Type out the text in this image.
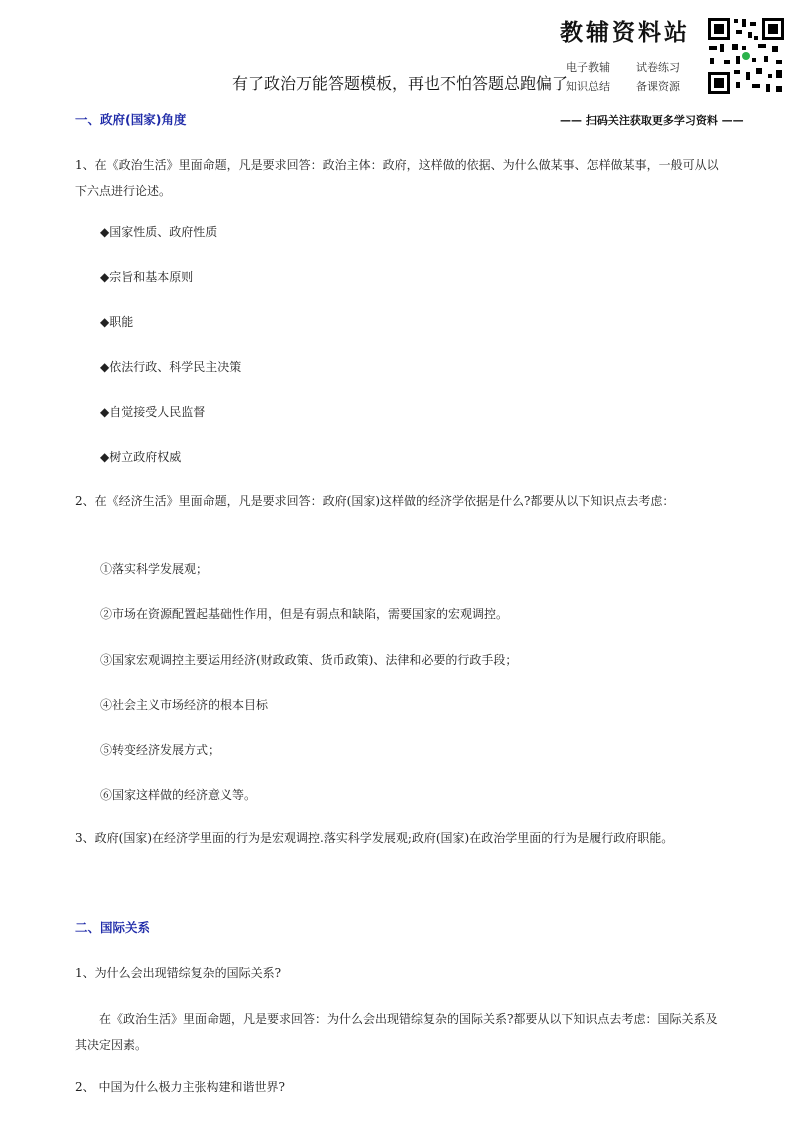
教辅资料站
电子教辅 试卷练习
知识总结 备课资源
有了政治万能答题模板，再也不怕答题总跑偏了
—— 扫码关注获取更多学习资料 ——
一、政府(国家)角度
1、在《政治生活》里面命题，凡是要求回答：政治主体：政府，这样做的依据、为什么做某事、怎样做某事，一般可从以下六点进行论述。
◆国家性质、政府性质
◆宗旨和基本原则
◆职能
◆依法行政、科学民主决策
◆自觉接受人民监督
◆树立政府权威
2、在《经济生活》里面命题，凡是要求回答：政府(国家)这样做的经济学依据是什么?都要从以下知识点去考虑：
①落实科学发展观；
②市场在资源配置起基础性作用，但是有弱点和缺陷，需要国家的宏观调控。
③国家宏观调控主要运用经济(财政政策、货币政策)、法律和必要的行政手段；
④社会主义市场经济的根本目标
⑤转变经济发展方式；
⑥国家这样做的经济意义等。
3、政府(国家)在经济学里面的行为是宏观调控.落实科学发展观;政府(国家)在政治学里面的行为是履行政府职能。
二、国际关系
1、为什么会出现错综复杂的国际关系?
在《政治生活》里面命题，凡是要求回答：为什么会出现错综复杂的国际关系?都要从以下知识点去考虑：国际关系及其决定因素。
2、 中国为什么极力主张构建和谐世界?
